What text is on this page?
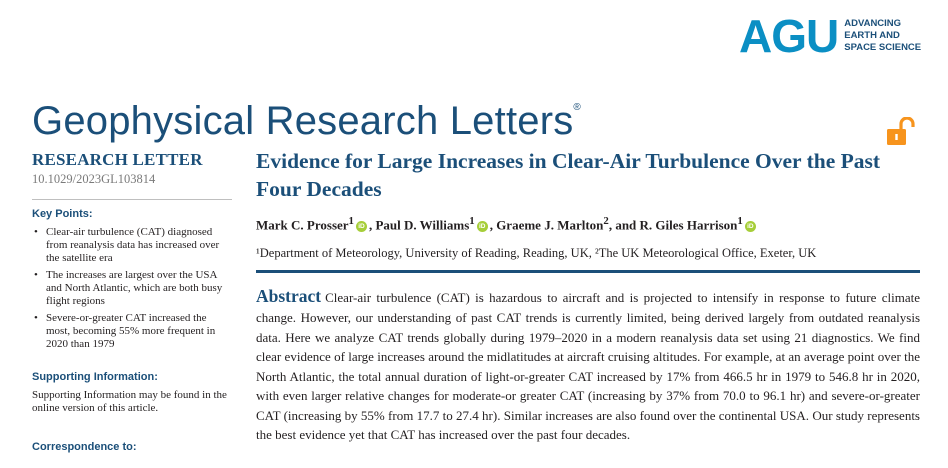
AGU ADVANCING
EARTH AND
SPACE SCIENCE
Geophysical Research Letters®
RESEARCH LETTER
10.1029/2023GL103814
Key Points:
• Clear-air turbulence (CAT) diagnosed from reanalysis data has increased over the satellite era
• The increases are largest over the USA and North Atlantic, which are both busy flight regions
• Severe-or-greater CAT increased the most, becoming 55% more frequent in 2020 than 1979
Supporting Information:
Supporting Information may be found in the online version of this article.
Correspondence to:
Evidence for Large Increases in Clear-Air Turbulence Over the Past Four Decades
Mark C. Prosser$^1$ iD , Paul D. Williams$^1$ iD , Graeme J. Marlton$^2$, and R. Giles Harrison$^1$ iD
¹Department of Meteorology, University of Reading, Reading, UK, ²The UK Meteorological Office, Exeter, UK
Abstract Clear-air turbulence (CAT) is hazardous to aircraft and is projected to intensify in response to future climate change. However, our understanding of past CAT trends is currently limited, being derived largely from outdated reanalysis data. Here we analyze CAT trends globally during 1979–2020 in a modern reanalysis data set using 21 diagnostics. We find clear evidence of large increases around the midlatitudes at aircraft cruising altitudes. For example, at an average point over the North Atlantic, the total annual duration of light-or-greater CAT increased by 17% from 466.5 hr in 1979 to 546.8 hr in 2020, with even larger relative changes for moderate-or greater CAT (increasing by 37% from 70.0 to 96.1 hr) and severe-or-greater CAT (increasing by 55% from 17.7 to 27.4 hr). Similar increases are also found over the continental USA. Our study represents the best evidence yet that CAT has increased over the past four decades.
